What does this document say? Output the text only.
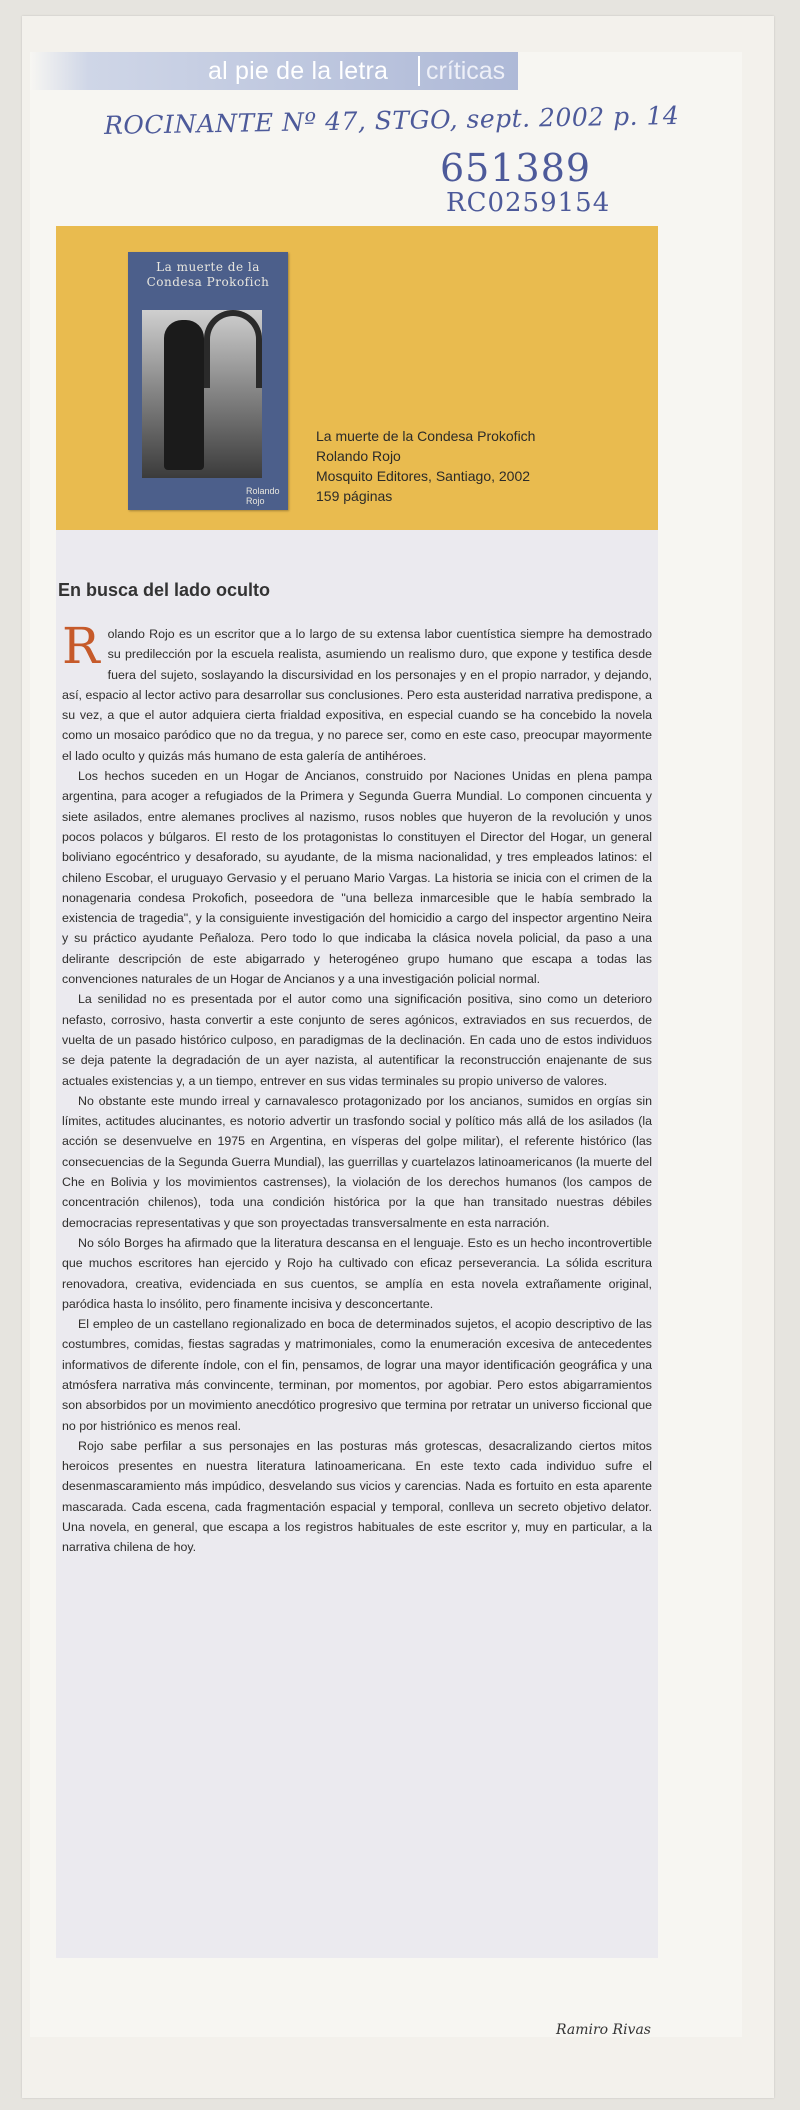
al pie de la letra	críticas
ROCINANTE Nº 47, STGO, sept. 2002 p. 14
651389
RC0259154
La muerte de la Condesa Prokofich
Rolando Rojo
La muerte de la Condesa Prokofich
Rolando Rojo
Mosquito Editores, Santiago, 2002
159 páginas
En busca del lado oculto

Rolando Rojo es un escritor que a lo largo de su extensa labor cuentística siempre ha demostrado su predilección por la escuela realista, asumiendo un realismo duro, que expone y testifica desde fuera del sujeto, soslayando la discursividad en los personajes y en el propio narrador, y dejando, así, espacio al lector activo para desarrollar sus conclusiones. Pero esta austeridad narrativa predispone, a su vez, a que el autor adquiera cierta frialdad expositiva, en especial cuando se ha concebido la novela como un mosaico paródico que no da tregua, y no parece ser, como en este caso, preocupar mayormente el lado oculto y quizás más humano de esta galería de antihéroes.

Los hechos suceden en un Hogar de Ancianos, construido por Naciones Unidas en plena pampa argentina, para acoger a refugiados de la Primera y Segunda Guerra Mundial. Lo componen cincuenta y siete asilados, entre alemanes proclives al nazismo, rusos nobles que huyeron de la revolución y unos pocos polacos y búlgaros. El resto de los protagonistas lo constituyen el Director del Hogar, un general boliviano egocéntrico y desaforado, su ayudante, de la misma nacionalidad, y tres empleados latinos: el chileno Escobar, el uruguayo Gervasio y el peruano Mario Vargas. La historia se inicia con el crimen de la nonagenaria condesa Prokofich, poseedora de "una belleza inmarcesible que le había sembrado la existencia de tragedia", y la consiguiente investigación del homicidio a cargo del inspector argentino Neira y su práctico ayudante Peñaloza. Pero todo lo que indicaba la clásica novela policial, da paso a una delirante descripción de este abigarrado y heterogéneo grupo humano que escapa a todas las convenciones naturales de un Hogar de Ancianos y a una investigación policial normal.

La senilidad no es presentada por el autor como una significación positiva, sino como un deterioro nefasto, corrosivo, hasta convertir a este conjunto de seres agónicos, extraviados en sus recuerdos, de vuelta de un pasado histórico culposo, en paradigmas de la declinación. En cada uno de estos individuos se deja patente la degradación de un ayer nazista, al autentificar la reconstrucción enajenante de sus actuales existencias y, a un tiempo, entrever en sus vidas terminales su propio universo de valores.

No obstante este mundo irreal y carnavalesco protagonizado por los ancianos, sumidos en orgías sin límites, actitudes alucinantes, es notorio advertir un trasfondo social y político más allá de los asilados (la acción se desenvuelve en 1975 en Argentina, en vísperas del golpe militar), el referente histórico (las consecuencias de la Segunda Guerra Mundial), las guerrillas y cuartelazos latinoamericanos (la muerte del Che en Bolivia y los movimientos castrenses), la violación de los derechos humanos (los campos de concentración chilenos), toda una condición histórica por la que han transitado nuestras débiles democracias representativas y que son proyectadas transversalmente en esta narración.

No sólo Borges ha afirmado que la literatura descansa en el lenguaje. Esto es un hecho incontrovertible que muchos escritores han ejercido y Rojo ha cultivado con eficaz perseverancia. La sólida escritura renovadora, creativa, evidenciada en sus cuentos, se amplía en esta novela extrañamente original, paródica hasta lo insólito, pero finamente incisiva y desconcertante.

El empleo de un castellano regionalizado en boca de determinados sujetos, el acopio descriptivo de las costumbres, comidas, fiestas sagradas y matrimoniales, como la enumeración excesiva de antecedentes informativos de diferente índole, con el fin, pensamos, de lograr una mayor identificación geográfica y una atmósfera narrativa más convincente, terminan, por momentos, por agobiar. Pero estos abigarramientos son absorbidos por un movimiento anecdótico progresivo que termina por retratar un universo ficcional que no por histriónico es menos real.

Rojo sabe perfilar a sus personajes en las posturas más grotescas, desacralizando ciertos mitos heroicos presentes en nuestra literatura latinoamericana. En este texto cada individuo sufre el desenmascaramiento más impúdico, desvelando sus vicios y carencias. Nada es fortuito en esta aparente mascarada. Cada escena, cada fragmentación espacial y temporal, conlleva un secreto objetivo delator. Una novela, en general, que escapa a los registros habituales de este escritor y, muy en particular, a la narrativa chilena de hoy.

Ramiro Rivas
